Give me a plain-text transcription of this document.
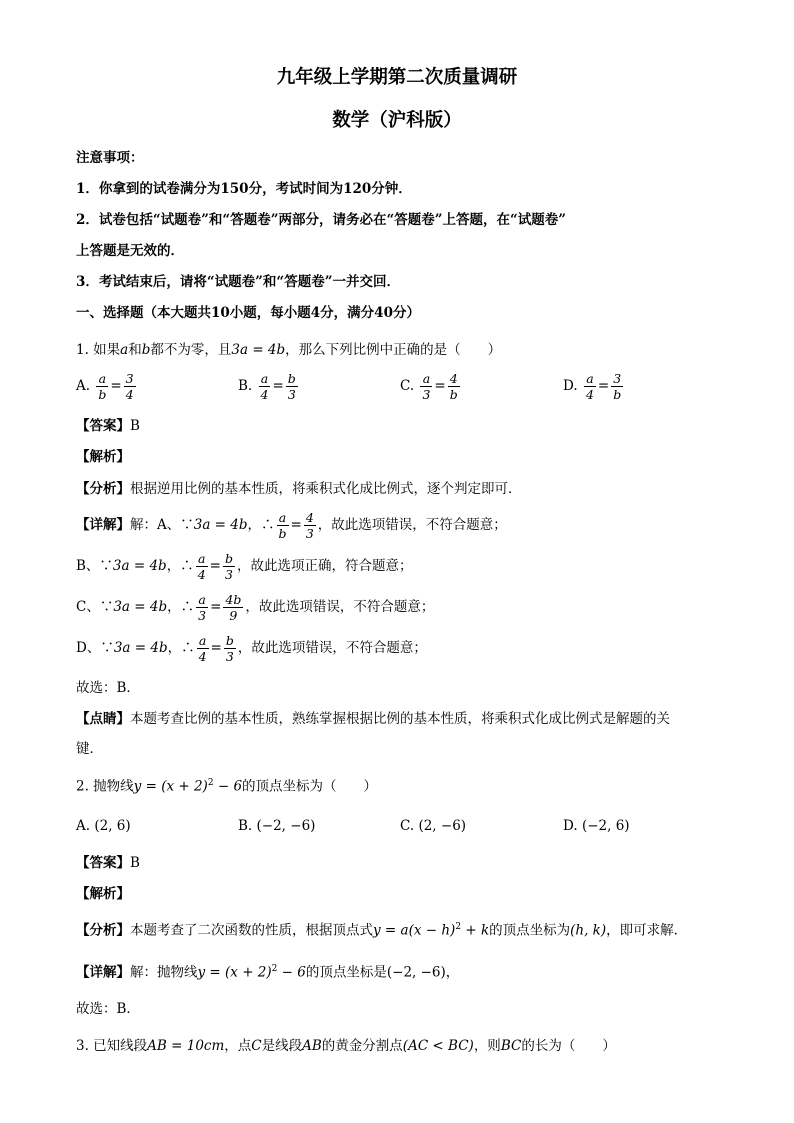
九年级上学期第二次质量调研
数学（沪科版）
注意事项：
1．你拿到的试卷满分为150分，考试时间为120分钟．
2．试卷包括“试题卷”和“答题卷”两部分，请务必在“答题卷”上答题，在“试题卷”
上答题是无效的．
3．考试结束后，请将“试题卷”和“答题卷”一并交回．
一、选择题（本大题共10小题，每小题4分，满分40分）
1. 如果a和b都不为零，且3a = 4b，那么下列比例中正确的是（　　）
A. $\frac{a}{b} = \frac{3}{4}$	B. $\frac{a}{4} = \frac{b}{3}$	C. $\frac{a}{3} = \frac{4}{b}$	D. $\frac{a}{4} = \frac{3}{b}$
【答案】B
【解析】
【分析】根据逆用比例的基本性质，将乘积式化成比例式，逐个判定即可．
【详解】解：A、∵3a = 4b，∴ $\frac{a}{b} = \frac{4}{3}$ ，故此选项错误，不符合题意；
B、∵3a = 4b，∴ $\frac{a}{4} = \frac{b}{3}$ ，故此选项正确，符合题意；
C、∵3a = 4b，∴ $\frac{a}{3} = \frac{4b}{9}$ ，故此选项错误，不符合题意；
D、∵3a = 4b，∴ $\frac{a}{4} = \frac{b}{3}$ ，故此选项错误，不符合题意；
故选：B．
【点睛】本题考查比例的基本性质，熟练掌握根据比例的基本性质，将乘积式化成比例式是解题的关
键．
2. 抛物线$y = (x + 2)^2 - 6$的顶点坐标为（　　）
A. (2, 6)	B. (−2, −6)	C. (2, −6)	D. (−2, 6)
【答案】B
【解析】
【分析】本题考查了二次函数的性质，根据顶点式$y = a(x - h)^2 + k$的顶点坐标为(h, k)，即可求解．
【详解】解：抛物线$y = (x + 2)^2 - 6$的顶点坐标是(−2, −6)，
故选：B．
3. 已知线段AB = 10cm，点C是线段AB的黄金分割点(AC < BC)，则BC的长为（　　）
